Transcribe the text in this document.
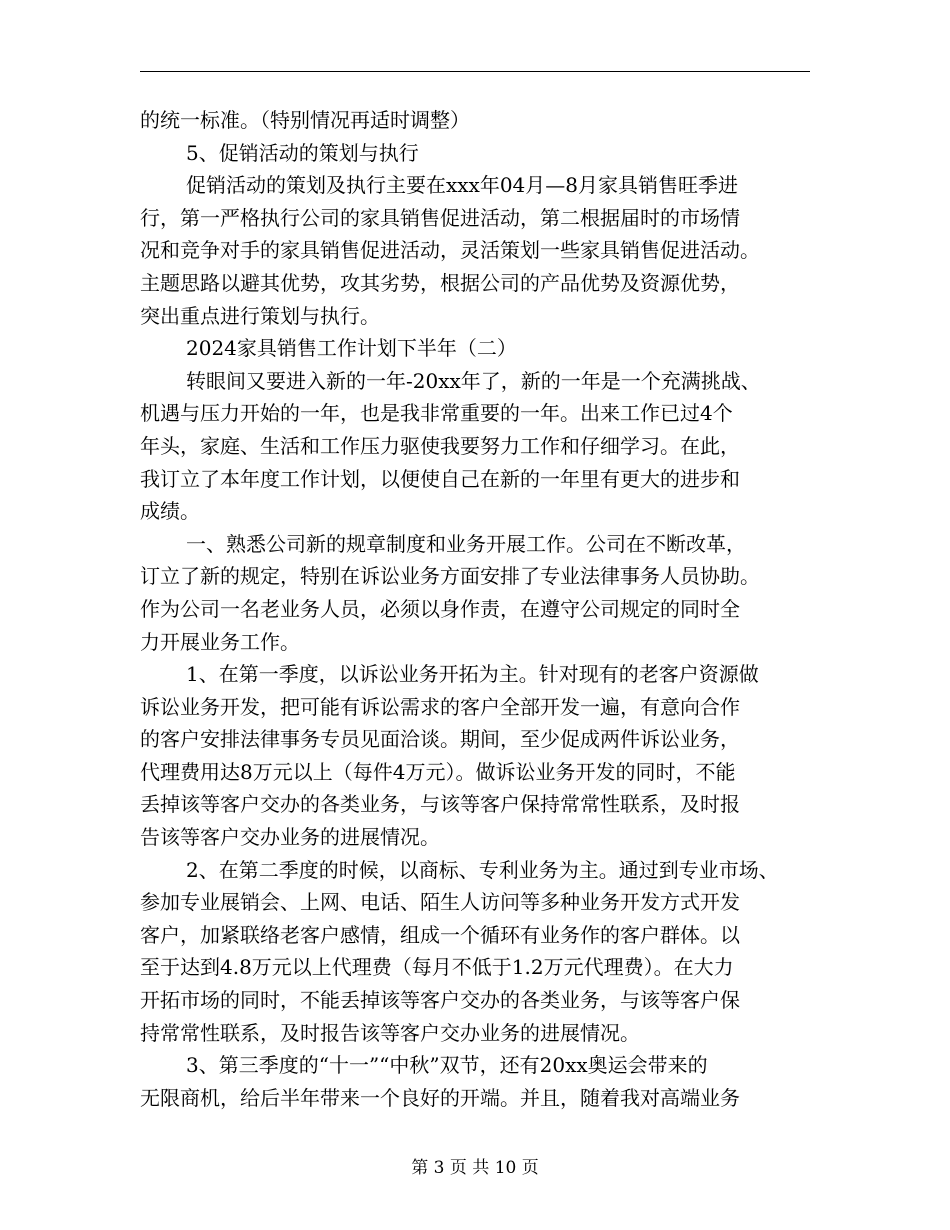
的统一标准。（特别情况再适时调整）
5、促销活动的策划与执行
促销活动的策划及执行主要在xxx年04月—8月家具销售旺季进
行，第一严格执行公司的家具销售促进活动，第二根据届时的市场情
况和竞争对手的家具销售促进活动，灵活策划一些家具销售促进活动。
主题思路以避其优势，攻其劣势，根据公司的产品优势及资源优势，
突出重点进行策划与执行。
2024家具销售工作计划下半年（二）
转眼间又要进入新的一年-20xx年了，新的一年是一个充满挑战、
机遇与压力开始的一年，也是我非常重要的一年。出来工作已过4个
年头，家庭、生活和工作压力驱使我要努力工作和仔细学习。在此，
我订立了本年度工作计划，以便使自己在新的一年里有更大的进步和
成绩。
一、熟悉公司新的规章制度和业务开展工作。公司在不断改革，
订立了新的规定，特别在诉讼业务方面安排了专业法律事务人员协助。
作为公司一名老业务人员，必须以身作责，在遵守公司规定的同时全
力开展业务工作。
1、在第一季度，以诉讼业务开拓为主。针对现有的老客户资源做
诉讼业务开发，把可能有诉讼需求的客户全部开发一遍，有意向合作
的客户安排法律事务专员见面洽谈。期间，至少促成两件诉讼业务，
代理费用达8万元以上（每件4万元）。做诉讼业务开发的同时，不能
丢掉该等客户交办的各类业务，与该等客户保持常常性联系，及时报
告该等客户交办业务的进展情况。
2、在第二季度的时候，以商标、专利业务为主。通过到专业市场、
参加专业展销会、上网、电话、陌生人访问等多种业务开发方式开发
客户，加紧联络老客户感情，组成一个循环有业务作的客户群体。以
至于达到4.8万元以上代理费（每月不低于1.2万元代理费）。在大力
开拓市场的同时，不能丢掉该等客户交办的各类业务，与该等客户保
持常常性联系，及时报告该等客户交办业务的进展情况。
3、第三季度的“十一”“中秋”双节，还有20xx奥运会带来的
无限商机，给后半年带来一个良好的开端。并且，随着我对高端业务
第 3 页 共 10 页
